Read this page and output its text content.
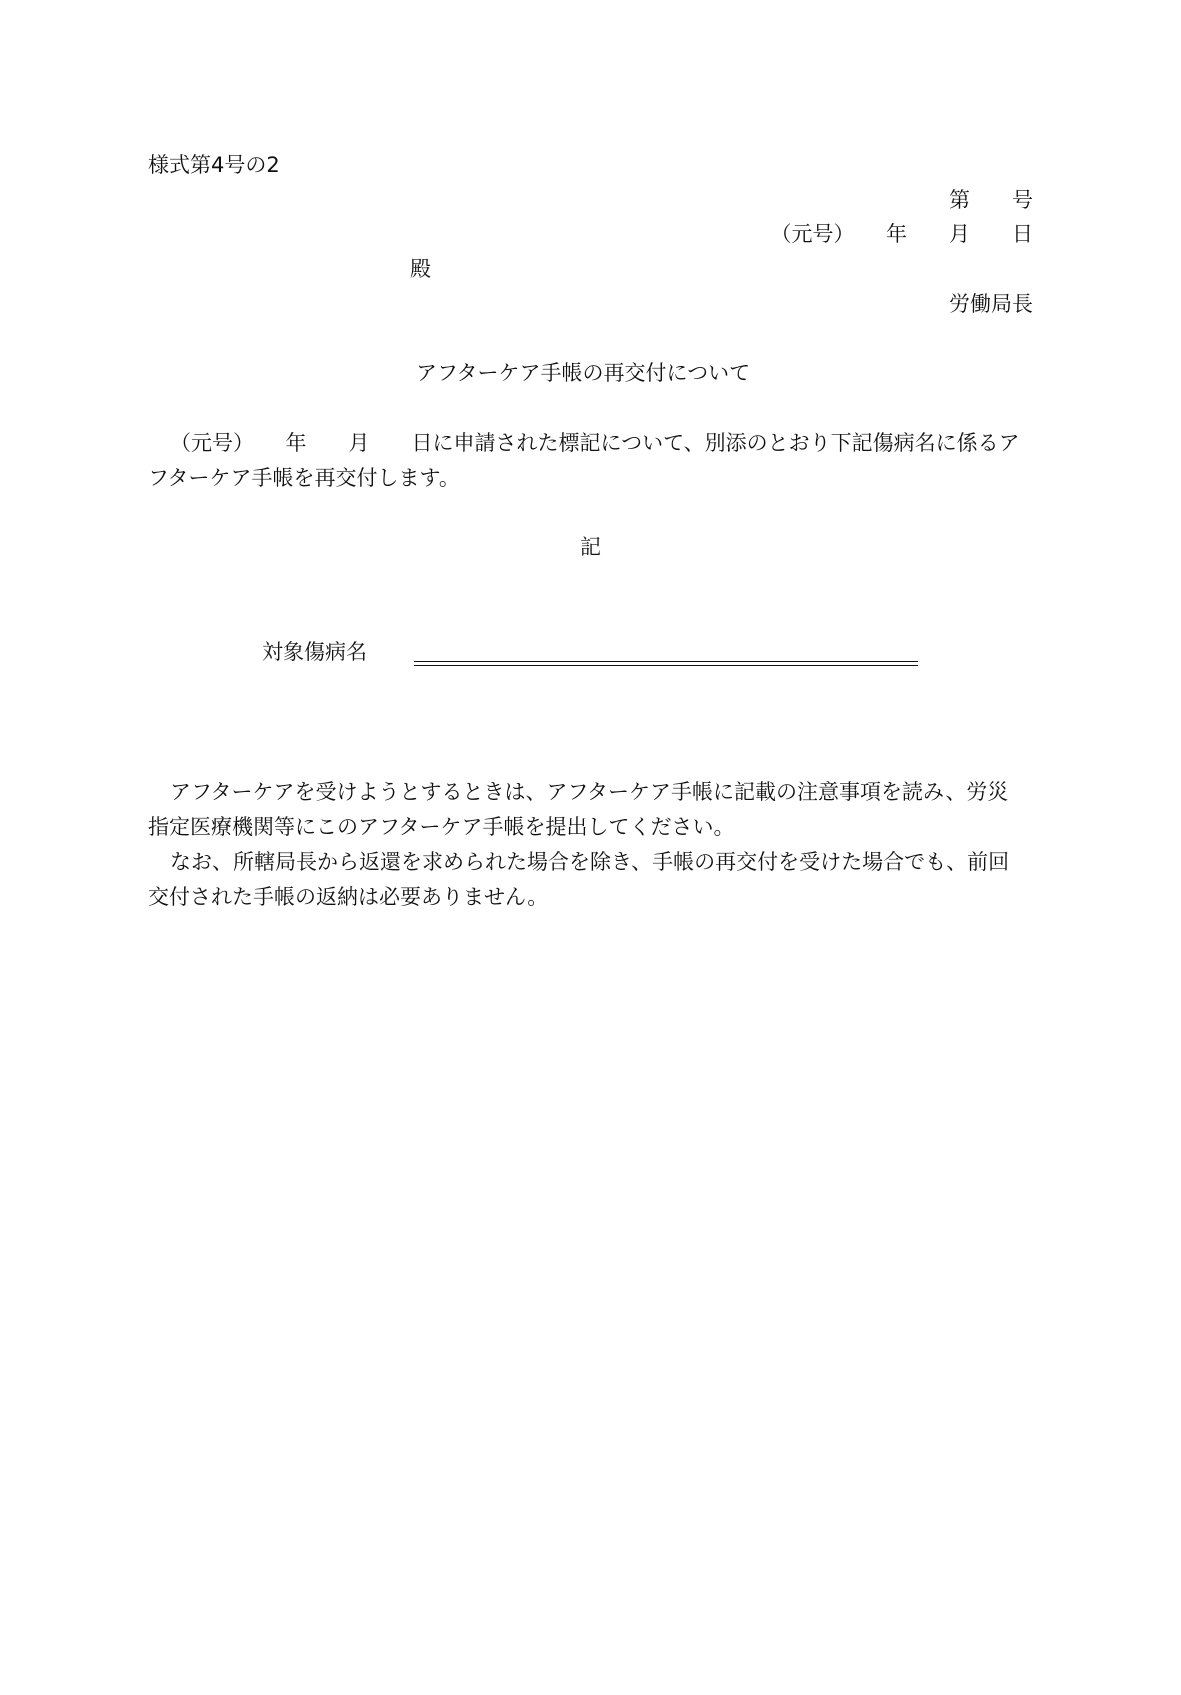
様式第4号の2
第　　号
（元号）　　年　　月　　日
殿
労働局長
アフターケア手帳の再交付について
（元号）　　年　　月　　日に申請された標記について、別添のとおり下記傷病名に係るア
フターケア手帳を再交付します。
記
対象傷病名
アフターケアを受けようとするときは、アフターケア手帳に記載の注意事項を読み、労災
指定医療機関等にこのアフターケア手帳を提出してください。
なお、所轄局長から返還を求められた場合を除き、手帳の再交付を受けた場合でも、前回
交付された手帳の返納は必要ありません。
